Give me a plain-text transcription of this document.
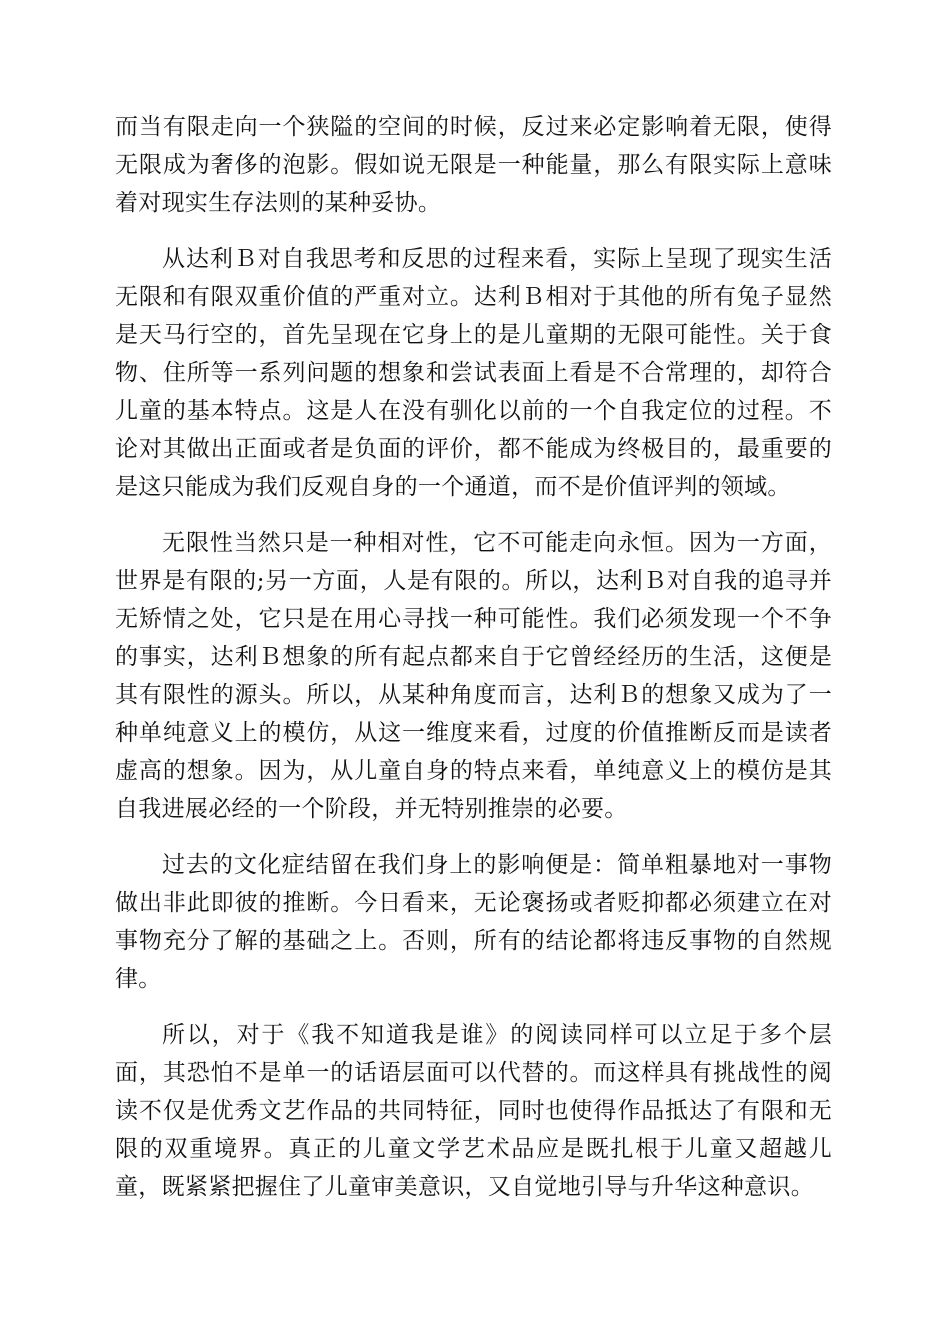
而当有限走向一个狭隘的空间的时候，反过来必定影响着无限，使得无限成为奢侈的泡影。假如说无限是一种能量，那么有限实际上意味着对现实生存法则的某种妥协。

从达利Ｂ对自我思考和反思的过程来看，实际上呈现了现实生活无限和有限双重价值的严重对立。达利Ｂ相对于其他的所有兔子显然是天马行空的，首先呈现在它身上的是儿童期的无限可能性。关于食物、住所等一系列问题的想象和尝试表面上看是不合常理的，却符合儿童的基本特点。这是人在没有驯化以前的一个自我定位的过程。不论对其做出正面或者是负面的评价，都不能成为终极目的，最重要的是这只能成为我们反观自身的一个通道，而不是价值评判的领域。

无限性当然只是一种相对性，它不可能走向永恒。因为一方面，世界是有限的;另一方面，人是有限的。所以，达利Ｂ对自我的追寻并无矫情之处，它只是在用心寻找一种可能性。我们必须发现一个不争的事实，达利Ｂ想象的所有起点都来自于它曾经经历的生活，这便是其有限性的源头。所以，从某种角度而言，达利Ｂ的想象又成为了一种单纯意义上的模仿，从这一维度来看，过度的价值推断反而是读者虚高的想象。因为，从儿童自身的特点来看，单纯意义上的模仿是其自我进展必经的一个阶段，并无特别推崇的必要。

过去的文化症结留在我们身上的影响便是：简单粗暴地对一事物做出非此即彼的推断。今日看来，无论褒扬或者贬抑都必须建立在对事物充分了解的基础之上。否则，所有的结论都将违反事物的自然规律。

所以，对于《我不知道我是谁》的阅读同样可以立足于多个层面，其恐怕不是单一的话语层面可以代替的。而这样具有挑战性的阅读不仅是优秀文艺作品的共同特征，同时也使得作品抵达了有限和无限的双重境界。真正的儿童文学艺术品应是既扎根于儿童又超越儿童，既紧紧把握住了儿童审美意识，又自觉地引导与升华这种意识。
